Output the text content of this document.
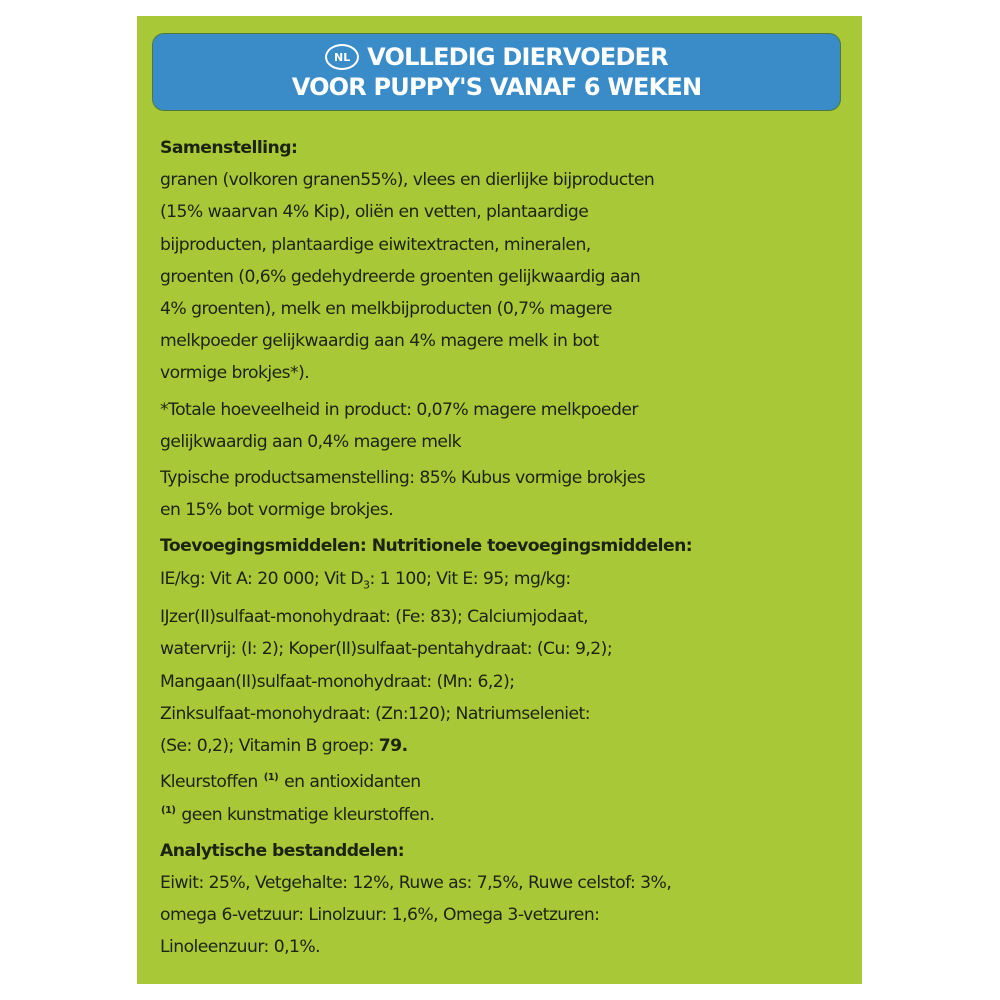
NL VOLLEDIG DIERVOEDER
VOOR PUPPY'S VANAF 6 WEKEN
Samenstelling:
granen (volkoren granen55%), vlees en dierlijke bijproducten
(15% waarvan 4% Kip), oliën en vetten, plantaardige
bijproducten, plantaardige eiwitextracten, mineralen,
groenten (0,6% gedehydreerde groenten gelijkwaardig aan
4% groenten), melk en melkbijproducten (0,7% magere
melkpoeder gelijkwaardig aan 4% magere melk in bot
vormige brokjes*).
*Totale hoeveelheid in product: 0,07% magere melkpoeder
gelijkwaardig aan 0,4% magere melk
Typische productsamenstelling: 85% Kubus vormige brokjes
en 15% bot vormige brokjes.
Toevoegingsmiddelen: Nutritionele toevoegingsmiddelen:
IE/kg: Vit A: 20 000; Vit $D_3$: 1 100; Vit E: 95; mg/kg:
IJzer(II)sulfaat-monohydraat: (Fe: 83); Calciumjodaat,
watervrij: (I: 2); Koper(II)sulfaat-pentahydraat: (Cu: 9,2);
Mangaan(II)sulfaat-monohydraat: (Mn: 6,2);
Zinksulfaat-monohydraat: (Zn:120); Natriumseleniet:
(Se: 0,2); Vitamin B groep: 79.
Kleurstoffen $^{(1)}$ en antioxidanten
$^{(1)}$ geen kunstmatige kleurstoffen.
Analytische bestanddelen:
Eiwit: 25%, Vetgehalte: 12%, Ruwe as: 7,5%, Ruwe celstof: 3%,
omega 6-vetzuur: Linolzuur: 1,6%, Omega 3-vetzuren:
Linoleenzuur: 0,1%.
